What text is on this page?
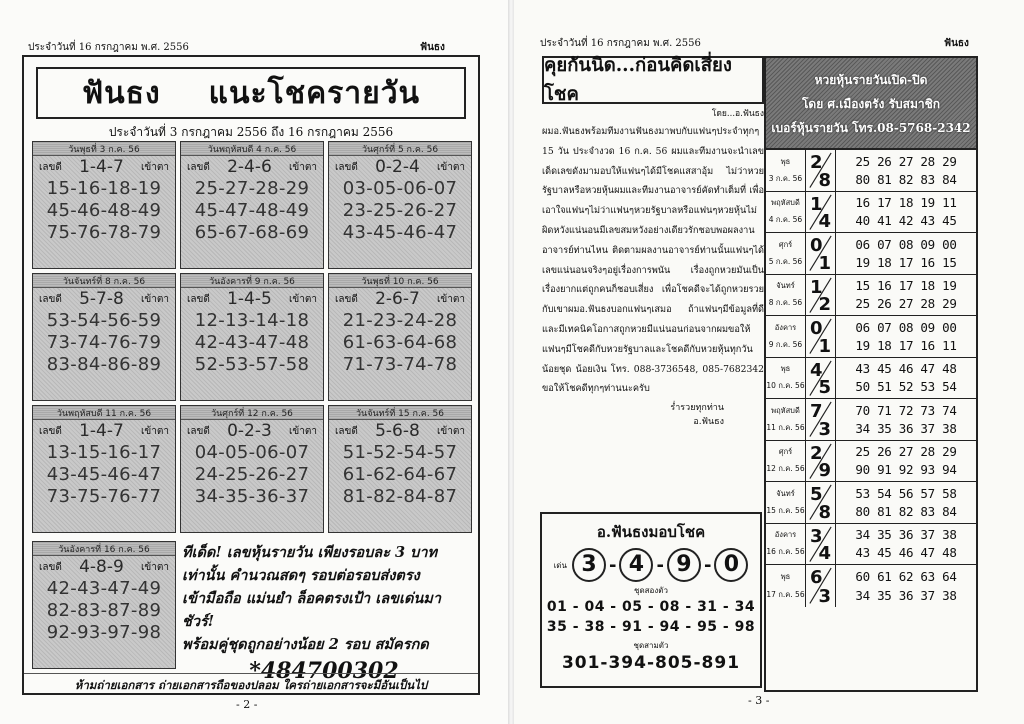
ประจำวันที่ 16 กรกฎาคม พ.ศ. 2556	ฟันธง
ฟันธง แนะโชครายวัน
ประจำวันที่ 3 กรกฎาคม 2556 ถึง 16 กรกฎาคม 2556
วันพุธที่ 3 ก.ค. 56
เลขดี 1-4-7 เข้าตา
15-16-18-19
45-46-48-49
75-76-78-79
วันพฤหัสบดี 4 ก.ค. 56
เลขดี 2-4-6 เข้าตา
25-27-28-29
45-47-48-49
65-67-68-69
วันศุกร์ที่ 5 ก.ค. 56
เลขดี 0-2-4 เข้าตา
03-05-06-07
23-25-26-27
43-45-46-47
วันจันทร์ที่ 8 ก.ค. 56
เลขดี 5-7-8 เข้าตา
53-54-56-59
73-74-76-79
83-84-86-89
วันอังคารที่ 9 ก.ค. 56
เลขดี 1-4-5 เข้าตา
12-13-14-18
42-43-47-48
52-53-57-58
วันพุธที่ 10 ก.ค. 56
เลขดี 2-6-7 เข้าตา
21-23-24-28
61-63-64-68
71-73-74-78
วันพฤหัสบดี 11 ก.ค. 56
เลขดี 1-4-7 เข้าตา
13-15-16-17
43-45-46-47
73-75-76-77
วันศุกร์ที่ 12 ก.ค. 56
เลขดี 0-2-3 เข้าตา
04-05-06-07
24-25-26-27
34-35-36-37
วันจันทร์ที่ 15 ก.ค. 56
เลขดี 5-6-8 เข้าตา
51-52-54-57
61-62-64-67
81-82-84-87
วันอังคารที่ 16 ก.ค. 56
เลขดี 4-8-9 เข้าตา
42-43-47-49
82-83-87-89
92-93-97-98

ทีเด็ด! เลขหุ้นรายวัน เพียงรอบละ 3 บาท

เท่านั้น คำนวณสดๆ รอบต่อรอบส่งตรง

เข้ามือถือ แม่นยำ ล็อคตรงเป้า เลขเด่นมาชัวร์!

พร้อมคู่ชุดถูกอย่างน้อย 2 รอบ สมัครกด

*484700302
ห้ามถ่ายเอกสาร ถ่ายเอกสารถือของปลอม ใครถ่ายเอกสารจะมีอันเป็นไป
- 2 -
ประจำวันที่ 16 กรกฎาคม พ.ศ. 2556	ฟันธง
คุยกันนิด...ก่อนคิดเสี่ยงโชค
โดย...อ.ฟันธง
ผมอ.ฟันธงพร้อมทีมงานฟันธงมาพบกับแฟนๆประจำทุกๆ 15 วัน ประจำงวด 16 ก.ค. 56 ผมและทีมงานจะนำเลขเด็ดเลขดังมามอบให้แฟนๆได้มีโชคแสสาอุ้ม ไม่ว่าหวยรัฐบาลหรือหวยหุ้นผมและทีมงานอาจารย์คัดทำเต็มที่ เพื่อเอาใจแฟนๆไม่ว่าแฟนๆหวยรัฐบาลหรือแฟนๆหวยหุ้นไม่ผิดหวังแน่นอนมีเลขสมหวังอย่างเดียวรักชอบพอผลงานอาจารย์ท่านไหน ติดตามผลงานอาจารย์ท่านนั้นแฟนๆได้เลขแน่นอนจริงๆอยู่เรื่องการพนัน เรื่องถูกหวยมันเป็นเรื่องยากแต่ถูกคนก็ชอบเสี่ยง เพื่อโชคดีจะได้ถูกหวยรวยกับเขาผมอ.ฟันธงบอกแฟนๆเสมอ ถ้าแฟนๆมีข้อมูลที่ดีและมีเทคนิคโอกาสถูกหวยมีแน่นอนก่อนจากผมขอให้แฟนๆมีโชคดีกับหวยรัฐบาลและโชคดีกับหวยหุ้นทุกวันน้อยชุด น้อยเงิน โทร. 088-3736548, 085-7682342 ขอให้โชคดีทุกๆท่านนะครับ
ร่ำรวยทุกท่าน
อ.ฟันธง
อ.ฟันธงมอบโชค
เด่น 3 - 4 - 9 - 0
ชุดสองตัว
01 - 04 - 05 - 08 - 31 - 34
35 - 38 - 91 - 94 - 95 - 98
ชุดสามตัว
301-394-805-891
หวยหุ้นรายวันเปิด-ปิด
โดย ศ.เมืองตรัง รับสมาชิก
เบอร์หุ้นรายวัน โทร.08-5768-2342
พุธ
3 ก.ค. 56
2
8
25 26 27 28 29
80 81 82 83 84
พฤหัสบดี
4 ก.ค. 56
1
4
16 17 18 19 11
40 41 42 43 45
ศุกร์
5 ก.ค. 56
0
1
06 07 08 09 00
19 18 17 16 15
จันทร์
8 ก.ค. 56
1
2
15 16 17 18 19
25 26 27 28 29
อังคาร
9 ก.ค. 56
0
1
06 07 08 09 00
19 18 17 16 11
พุธ
10 ก.ค. 56
4
5
43 45 46 47 48
50 51 52 53 54
พฤหัสบดี
11 ก.ค. 56
7
3
70 71 72 73 74
34 35 36 37 38
ศุกร์
12 ก.ค. 56
2
9
25 26 27 28 29
90 91 92 93 94
จันทร์
15 ก.ค. 56
5
8
53 54 56 57 58
80 81 82 83 84
อังคาร
16 ก.ค. 56
3
4
34 35 36 37 38
43 45 46 47 48
พุธ
17 ก.ค. 56
6
3
60 61 62 63 64
34 35 36 37 38
- 3 -
